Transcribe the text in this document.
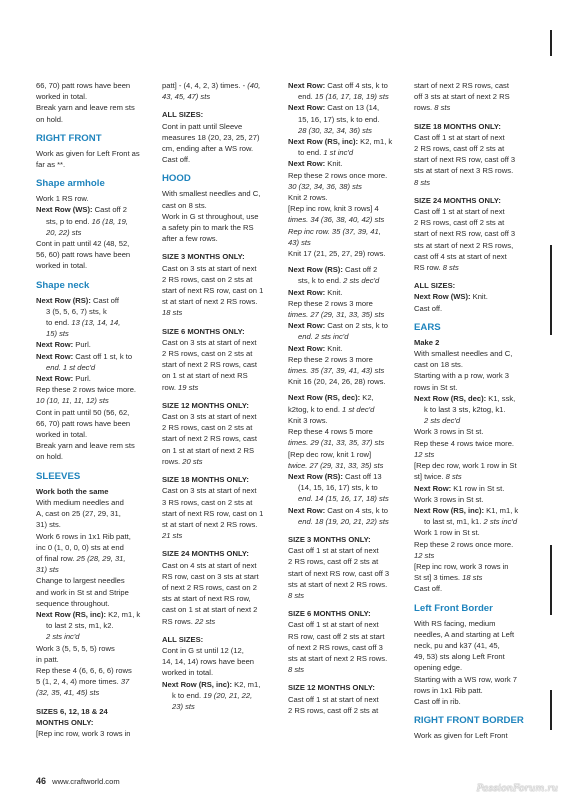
66, 70) patt rows have been
worked in total.
Break yarn and leave rem sts
on hold.

RIGHT FRONT

Work as given for Left Front as
far as **.

Shape armhole

Work 1 RS row.
Next Row (WS): Cast off 2
sts, p to end. 16 (18, 19,
20, 22) sts
Cont in patt until 42 (48, 52,
56, 60) patt rows have been
worked in total.

Shape neck

Next Row (RS): Cast off
3 (5, 5, 6, 7) sts, k
to end. 13 (13, 14, 14,
15) sts
Next Row: Purl.
Next Row: Cast off 1 st, k to
end. 1 st dec'd
Next Row: Purl.
Rep these 2 rows twice more.
10 (10, 11, 11, 12) sts
Cont in patt until 50 (56, 62,
66, 70) patt rows have been
worked in total.
Break yarn and leave rem sts
on hold.

SLEEVES

Work both the same
With medium needles and
A, cast on 25 (27, 29, 31,
31) sts.
Work 6 rows in 1x1 Rib patt,
inc 0 (1, 0, 0, 0) sts at end
of final row. 25 (28, 29, 31,
31) sts
Change to largest needles
and work in St st and Stripe
sequence throughout.
Next Row (RS, inc): K2, m1, k
to last 2 sts, m1, k2.
2 sts inc'd
Work 3 (5, 5, 5, 5) rows
in patt.
Rep these 4 (6, 6, 6, 6) rows
5 (1, 2, 4, 4) more times. 37
(32, 35, 41, 45) sts

SIZES 6, 12, 18 & 24
MONTHS ONLY:
[Rep inc row, work 3 rows in

patt] - (4, 4, 2, 3) times. - (40,
43, 45, 47) sts

ALL SIZES:

Cont in patt until Sleeve
measures 18 (20, 23, 25, 27)
cm, ending after a WS row.
Cast off.

HOOD

With smallest needles and C,
cast on 8 sts.
Work in G st throughout, use
a safety pin to mark the RS
after a few rows.

SIZE 3 MONTHS ONLY:

Cast on 3 sts at start of next
2 RS rows, cast on 2 sts at
start of next RS row, cast on 1
st at start of next 2 RS rows.
18 sts

SIZE 6 MONTHS ONLY:

Cast on 3 sts at start of next
2 RS rows, cast on 2 sts at
start of next 2 RS rows, cast
on 1 st at start of next RS
row. 19 sts

SIZE 12 MONTHS ONLY:

Cast on 3 sts at start of next
2 RS rows, cast on 2 sts at
start of next 2 RS rows, cast
on 1 st at start of next 2 RS
rows. 20 sts

SIZE 18 MONTHS ONLY:

Cast on 3 sts at start of next
3 RS rows, cast on 2 sts at
start of next RS row, cast on 1
st at start of next 2 RS rows.
21 sts

SIZE 24 MONTHS ONLY:

Cast on 4 sts at start of next
RS row, cast on 3 sts at start
of next 2 RS rows, cast on 2
sts at start of next RS row,
cast on 1 st at start of next 2
RS rows. 22 sts

ALL SIZES:

Cont in G st until 12 (12,
14, 14, 14) rows have been
worked in total.
Next Row (RS, inc): K2, m1,
k to end. 19 (20, 21, 22,
23) sts

Next Row: Cast off 4 sts, k to
end. 15 (16, 17, 18, 19) sts
Next Row: Cast on 13 (14,
15, 16, 17) sts, k to end.
28 (30, 32, 34, 36) sts
Next Row (RS, inc): K2, m1, k
to end. 1 st inc'd
Next Row: Knit.
Rep these 2 rows once more.
30 (32, 34, 36, 38) sts
Knit 2 rows.
[Rep inc row, knit 3 rows] 4
times. 34 (36, 38, 40, 42) sts
Rep inc row. 35 (37, 39, 41,
43) sts
Knit 17 (21, 25, 27, 29) rows.

Next Row (RS): Cast off 2
sts, k to end. 2 sts dec'd
Next Row: Knit.
Rep these 2 rows 3 more
times. 27 (29, 31, 33, 35) sts
Next Row: Cast on 2 sts, k to
end. 2 sts inc'd
Next Row: Knit.
Rep these 2 rows 3 more
times. 35 (37, 39, 41, 43) sts
Knit 16 (20, 24, 26, 28) rows.

Next Row (RS, dec): K2,
k2tog, k to end. 1 st dec'd
Knit 3 rows.
Rep these 4 rows 5 more
times. 29 (31, 33, 35, 37) sts
[Rep dec row, knit 1 row]
twice. 27 (29, 31, 33, 35) sts
Next Row (RS): Cast off 13
(14, 15, 16, 17) sts, k to
end. 14 (15, 16, 17, 18) sts
Next Row: Cast on 4 sts, k to
end. 18 (19, 20, 21, 22) sts

SIZE 3 MONTHS ONLY:

Cast off 1 st at start of next
2 RS rows, cast off 2 sts at
start of next RS row, cast off 3
sts at start of next 2 RS rows.
8 sts

SIZE 6 MONTHS ONLY:

Cast off 1 st at start of next
RS row, cast off 2 sts at start
of next 2 RS rows, cast off 3
sts at start of next 2 RS rows.
8 sts

SIZE 12 MONTHS ONLY:

Cast off 1 st at start of next
2 RS rows, cast off 2 sts at

start of next 2 RS rows, cast
off 3 sts at start of next 2 RS
rows. 8 sts

SIZE 18 MONTHS ONLY:

Cast off 1 st at start of next
2 RS rows, cast off 2 sts at
start of next RS row, cast off 3
sts at start of next 3 RS rows.
8 sts

SIZE 24 MONTHS ONLY:

Cast off 1 st at start of next
2 RS rows, cast off 2 sts at
start of next RS row, cast off 3
sts at start of next 2 RS rows,
cast off 4 sts at start of next
RS row. 8 sts

ALL SIZES:

Next Row (WS): Knit.
Cast off.

EARS

Make 2
With smallest needles and C,
cast on 18 sts.
Starting with a p row, work 3
rows in St st.
Next Row (RS, dec): K1, ssk,
k to last 3 sts, k2tog, k1.
2 sts dec'd
Work 3 rows in St st.
Rep these 4 rows twice more.
12 sts
[Rep dec row, work 1 row in St
st] twice. 8 sts
Next Row: K1 row in St st.
Work 3 rows in St st.
Next Row (RS, inc): K1, m1, k
to last st, m1, k1. 2 sts inc'd
Work 1 row in St st.
Rep these 2 rows once more.
12 sts
[Rep inc row, work 3 rows in
St st] 3 times. 18 sts
Cast off.

Left Front Border

With RS facing, medium
needles, A and starting at Left
neck, pu and k37 (41, 45,
49, 53) sts along Left Front
opening edge.
Starting with a WS row, work 7
rows in 1x1 Rib patt.
Cast off in rib.

RIGHT FRONT BORDER
Work as given for Left Front
46 www.craftworld.com
PassionForum.ru
